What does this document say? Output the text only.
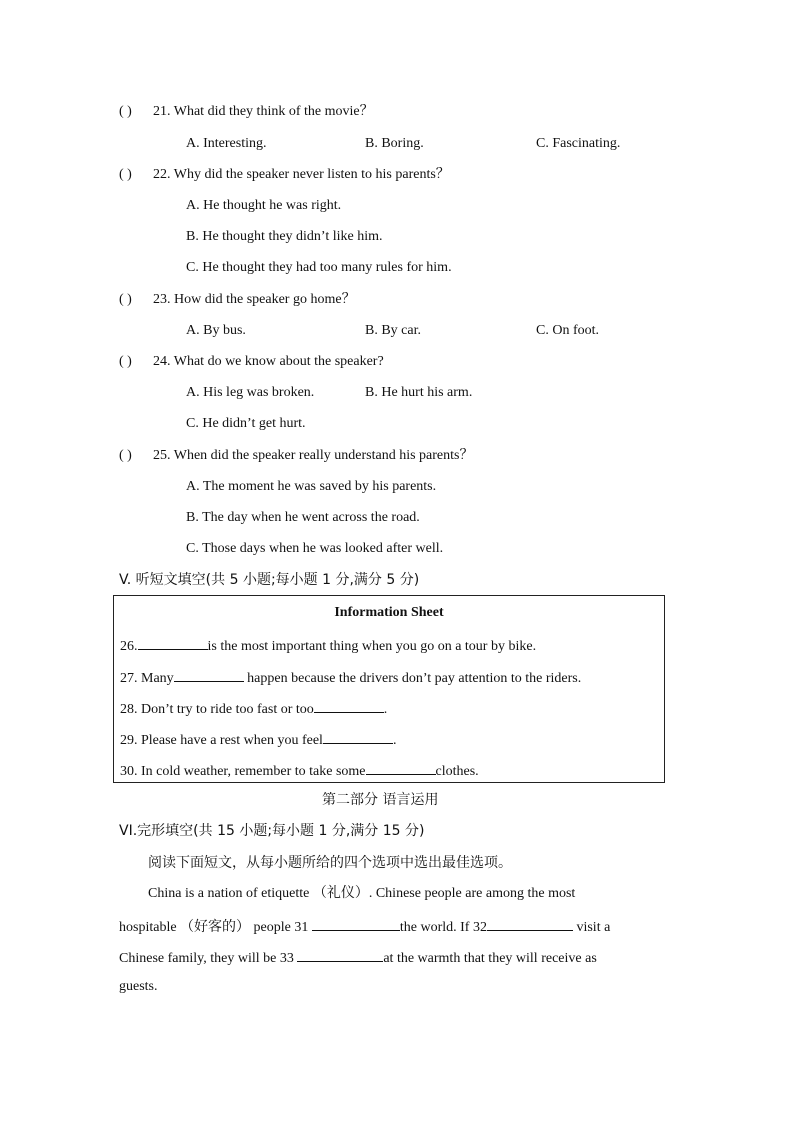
( ) 21. What did they think of the movie？
A. Interesting.	B. Boring.	C. Fascinating.
( ) 22. Why did the speaker never listen to his parents？
A. He thought he was right.
B. He thought they didn’t like him.
C. He thought they had too many rules for him.
( ) 23. How did the speaker go home？
A. By bus.	B. By car.	C. On foot.
( ) 24. What do we know about the speaker?
A. His leg was broken.	B. He hurt his arm.
C. He didn’t get hurt.
( ) 25. When did the speaker really understand his parents？
A. The moment he was saved by his parents.
B. The day when he went across the road.
C. Those days when he was looked after well.
V. 听短文填空(共 5 小题;每小题 1 分,满分 5 分)
Information Sheet
26.	is the most important thing when you go on a tour by bike.
27. Many	happen because the drivers don’t pay attention to the riders.
28. Don’t try to ride too fast or too	.
29. Please have a rest when you feel	.
30. In cold weather, remember to take some	clothes.
第二部分 语言运用
VI.完形填空(共 15 小题;每小题 1 分,满分 15 分)
阅读下面短文，从每小题所给的四个选项中选出最佳选项。
China is a nation of etiquette （礼仪）. Chinese people are among the most
hospitable （好客的） people 31	the world. If 32	visit a
Chinese family, they will be 33	at the warmth that they will receive as
guests.
